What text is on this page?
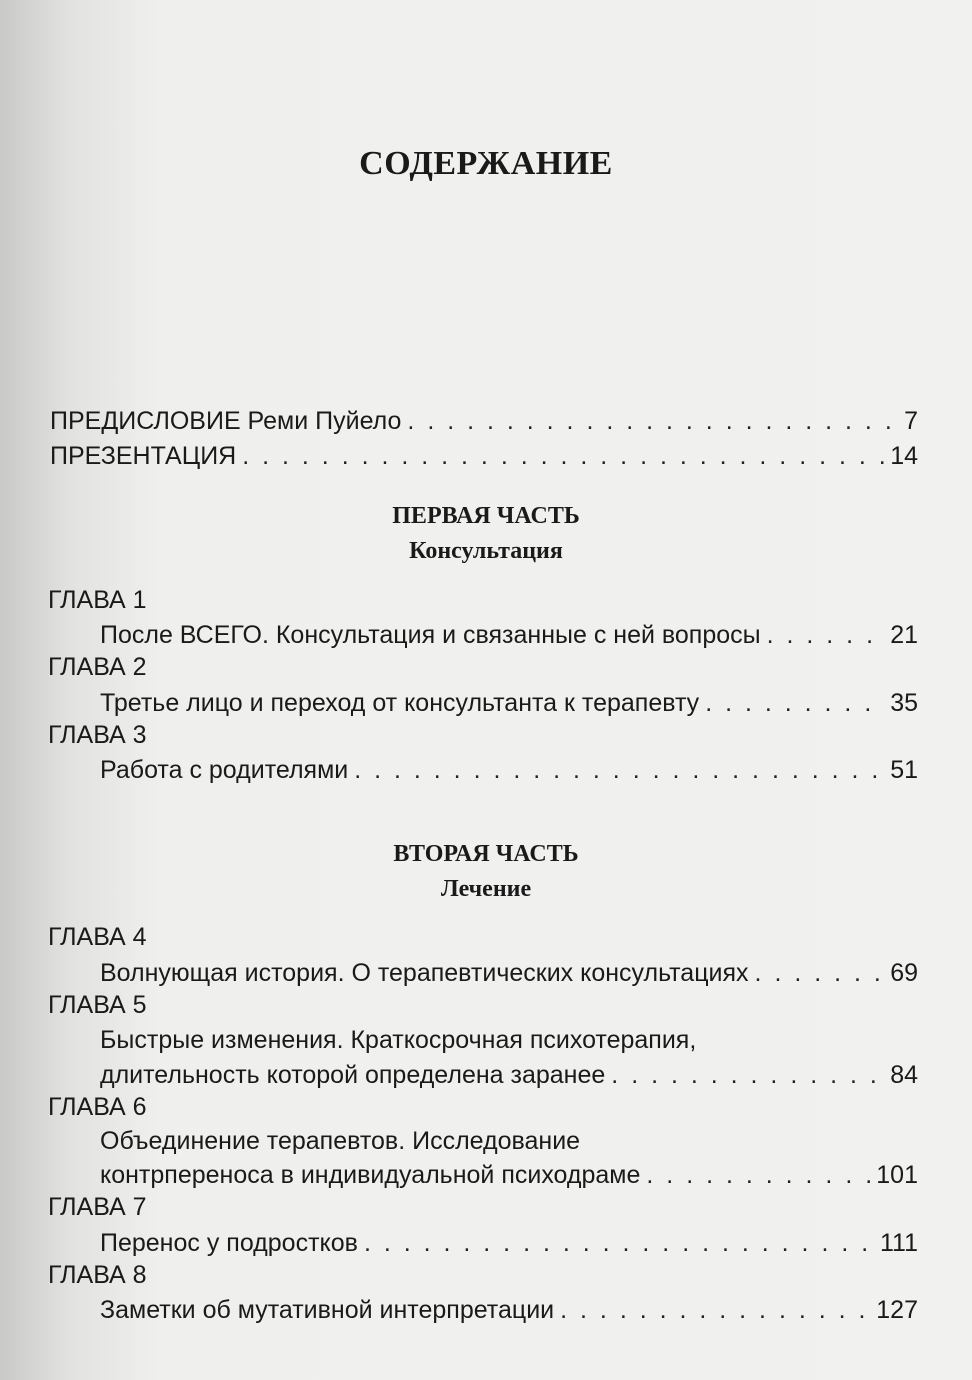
СОДЕРЖАНИЕ
ПРЕДИСЛОВИЕ Реми Пуйело . . .	7
ПРЕЗЕНТАЦИЯ . . .	14
ПЕРВАЯ ЧАСТЬ
Консультация
ГЛАВА 1
После ВСЕГО. Консультация и связанные с ней вопросы . . .	21
ГЛАВА 2
Третье лицо и переход от консультанта к терапевту . . .	35
ГЛАВА 3
Работа с родителями . . .	51
ВТОРАЯ ЧАСТЬ
Лечение
ГЛАВА 4
Волнующая история. О терапевтических консультациях . . .	69
ГЛАВА 5
Быстрые изменения. Краткосрочная психотерапия,
длительность которой определена заранее . . .	84
ГЛАВА 6
Объединение терапевтов. Исследование
контрпереноса в индивидуальной психодраме . . .	101
ГЛАВА 7
Перенос у подростков . . .	111
ГЛАВА 8
Заметки об мутативной интерпретации . . .	127
